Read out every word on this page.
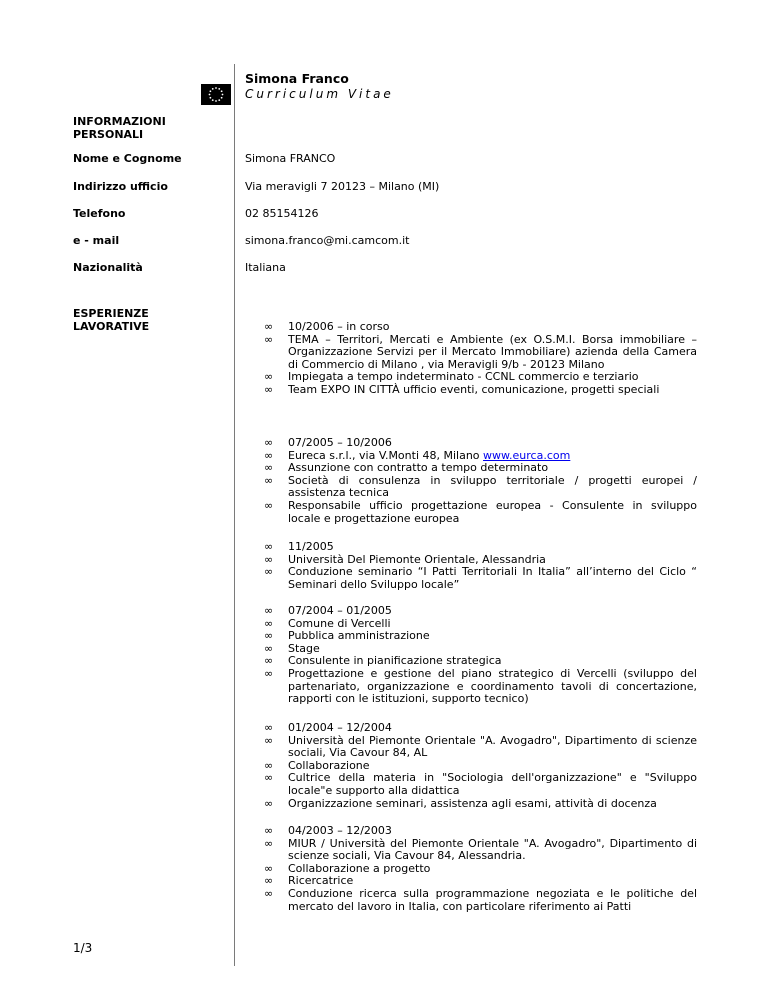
Simona Franco
Curriculum Vitae
INFORMAZIONI PERSONALI
Nome e Cognome	Simona FRANCO
Indirizzo ufficio	Via meravigli 7 20123 – Milano (MI)
Telefono	02 85154126
e - mail	simona.franco@mi.camcom.it
Nazionalità	Italiana
ESPERIENZE LAVORATIVE
∞	10/2006 – in corso
∞ TEMA – Territori, Mercati e Ambiente (ex O.S.M.I. Borsa immobiliare – Organizzazione Servizi per il Mercato Immobiliare) azienda della Camera di Commercio di Milano , via Meravigli 9/b - 20123 Milano
∞ Impiegata a tempo indeterminato - CCNL commercio e terziario
∞ Team EXPO IN CITTÀ ufficio eventi, comunicazione, progetti speciali
∞ 07/2005 – 10/2006
∞ Eureca s.r.l., via V.Monti 48, Milano www.eurca.com
∞ Assunzione con contratto a tempo determinato
∞ Società di consulenza in sviluppo territoriale / progetti europei / assistenza tecnica
∞ Responsabile ufficio progettazione europea - Consulente in sviluppo locale e progettazione europea
∞ 11/2005
∞ Università Del Piemonte Orientale, Alessandria
∞ Conduzione seminario “I Patti Territoriali In Italia” all’interno del Ciclo “ Seminari dello Sviluppo locale”
∞ 07/2004 – 01/2005
∞ Comune di Vercelli
∞ Pubblica amministrazione
∞ Stage
∞ Consulente in pianificazione strategica
∞ Progettazione e gestione del piano strategico di Vercelli (sviluppo del partenariato, organizzazione e coordinamento tavoli di concertazione, rapporti con le istituzioni, supporto tecnico)
∞ 01/2004 – 12/2004
∞ Università del Piemonte Orientale "A. Avogadro", Dipartimento di scienze sociali, Via Cavour 84, AL
∞ Collaborazione
∞ Cultrice della materia in "Sociologia dell'organizzazione" e "Sviluppo locale"e supporto alla didattica
∞ Organizzazione seminari, assistenza agli esami, attività di docenza
∞ 04/2003 – 12/2003
∞ MIUR / Università del Piemonte Orientale "A. Avogadro", Dipartimento di scienze sociali, Via Cavour 84, Alessandria.
∞ Collaborazione a progetto
∞ Ricercatrice
∞ Conduzione ricerca sulla programmazione negoziata e le politiche del mercato del lavoro in Italia, con particolare riferimento ai Patti
1/3
